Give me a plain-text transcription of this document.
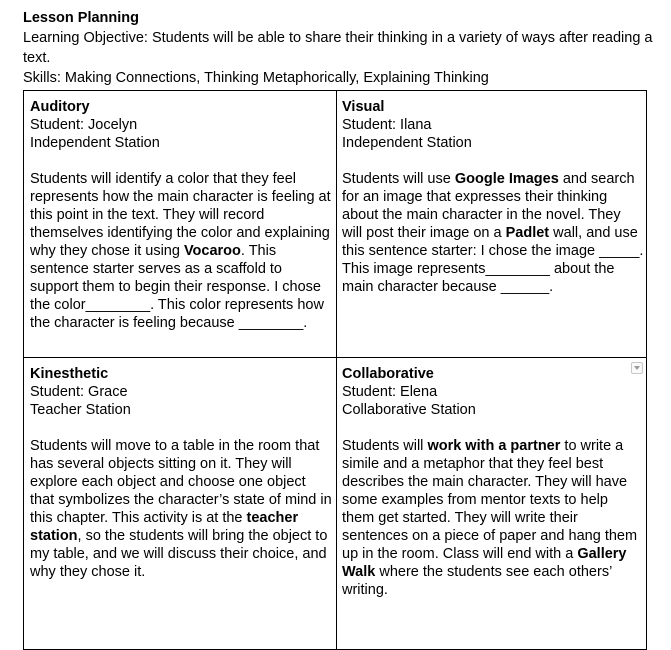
Lesson Planning
Learning Objective: Students will be able to share their thinking in a variety of ways after reading a text.
Skills: Making Connections, Thinking Metaphorically, Explaining Thinking
Auditory
Student: Jocelyn
Independent Station
Students will identify a color that they feel represents how the main character is feeling at this point in the text. They will record themselves identifying the color and explaining why they chose it using Vocaroo. This sentence starter serves as a scaffold to support them to begin their response. I chose the color________. This color represents how the character is feeling because ________.
Visual
Student: Ilana
Independent Station
Students will use Google Images and search for an image that expresses their thinking about the main character in the novel. They will post their image on a Padlet wall, and use this sentence starter: I chose the image _____. This image represents________ about the main character because ______.
Kinesthetic
Student: Grace
Teacher Station
Students will move to a table in the room that has several objects sitting on it. They will explore each object and choose one object that symbolizes the character’s state of mind in this chapter. This activity is at the teacher station, so the students will bring the object to my table, and we will discuss their choice, and why they chose it.
Collaborative
Student: Elena
Collaborative Station
Students will work with a partner to write a simile and a metaphor that they feel best describes the main character. They will have some examples from mentor texts to help them get started. They will write their sentences on a piece of paper and hang them up in the room. Class will end with a Gallery Walk where the students see each others’ writing.
